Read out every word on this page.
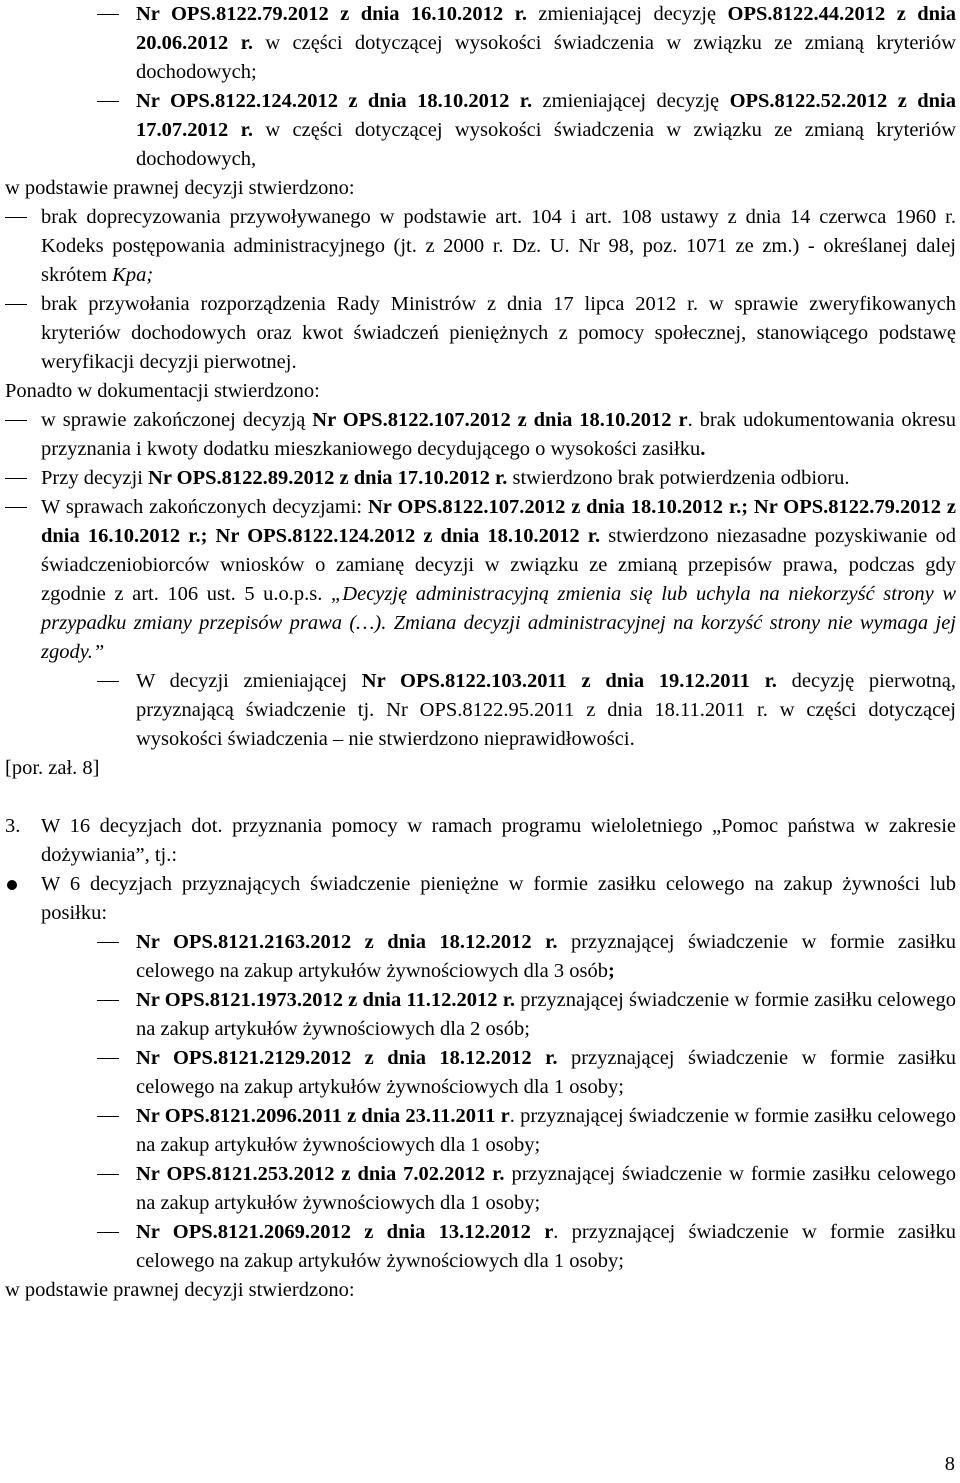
Nr OPS.8122.79.2012 z dnia 16.10.2012 r. zmieniającej decyzję OPS.8122.44.2012 z dnia 20.06.2012 r. w części dotyczącej wysokości świadczenia w związku ze zmianą kryteriów dochodowych;
Nr OPS.8122.124.2012 z dnia 18.10.2012 r. zmieniającej decyzję OPS.8122.52.2012 z dnia 17.07.2012 r. w części dotyczącej wysokości świadczenia w związku ze zmianą kryteriów dochodowych,
w podstawie prawnej decyzji stwierdzono:
brak doprecyzowania przywoływanego w podstawie art. 104 i art. 108 ustawy z dnia 14 czerwca 1960 r. Kodeks postępowania administracyjnego (jt. z 2000 r. Dz. U. Nr 98, poz. 1071 ze zm.) - określanej dalej skrótem Kpa;
brak przywołania rozporządzenia Rady Ministrów z dnia 17 lipca 2012 r. w sprawie zweryfikowanych kryteriów dochodowych oraz kwot świadczeń pieniężnych z pomocy społecznej, stanowiącego podstawę weryfikacji decyzji pierwotnej.
Ponadto w dokumentacji stwierdzono:
w sprawie zakończonej decyzją Nr OPS.8122.107.2012 z dnia 18.10.2012 r. brak udokumentowania okresu przyznania i kwoty dodatku mieszkaniowego decydującego o wysokości zasiłku.
Przy decyzji Nr OPS.8122.89.2012 z dnia 17.10.2012 r. stwierdzono brak potwierdzenia odbioru.
W sprawach zakończonych decyzjami: Nr OPS.8122.107.2012 z dnia 18.10.2012 r.; Nr OPS.8122.79.2012 z dnia 16.10.2012 r.; Nr OPS.8122.124.2012 z dnia 18.10.2012 r. stwierdzono niezasadne pozyskiwanie od świadczeniobiorców wniosków o zamianę decyzji w związku ze zmianą przepisów prawa, podczas gdy zgodnie z art. 106 ust. 5 u.o.p.s. „Decyzję administracyjną zmienia się lub uchyla na niekorzyść strony w przypadku zmiany przepisów prawa (…). Zmiana decyzji administracyjnej na korzyść strony nie wymaga jej zgody.”
W decyzji zmieniającej Nr OPS.8122.103.2011 z dnia 19.12.2011 r. decyzję pierwotną, przyznającą świadczenie tj. Nr OPS.8122.95.2011 z dnia 18.11.2011 r. w części dotyczącej wysokości świadczenia – nie stwierdzono nieprawidłowości.
[por. zał. 8]
3. W 16 decyzjach dot. przyznania pomocy w ramach programu wieloletniego „Pomoc państwa w zakresie dożywiania”, tj.:
W 6 decyzjach przyznających świadczenie pieniężne w formie zasiłku celowego na zakup żywności lub posiłku:
Nr OPS.8121.2163.2012 z dnia 18.12.2012 r. przyznającej świadczenie w formie zasiłku celowego na zakup artykułów żywnościowych dla 3 osób;
Nr OPS.8121.1973.2012 z dnia 11.12.2012 r. przyznającej świadczenie w formie zasiłku celowego na zakup artykułów żywnościowych dla 2 osób;
Nr OPS.8121.2129.2012 z dnia 18.12.2012 r. przyznającej świadczenie w formie zasiłku celowego na zakup artykułów żywnościowych dla 1 osoby;
Nr OPS.8121.2096.2011 z dnia 23.11.2011 r. przyznającej świadczenie w formie zasiłku celowego na zakup artykułów żywnościowych dla 1 osoby;
Nr OPS.8121.253.2012 z dnia 7.02.2012 r. przyznającej świadczenie w formie zasiłku celowego na zakup artykułów żywnościowych dla 1 osoby;
Nr OPS.8121.2069.2012 z dnia 13.12.2012 r. przyznającej świadczenie w formie zasiłku celowego na zakup artykułów żywnościowych dla 1 osoby;
w podstawie prawnej decyzji stwierdzono:
8
